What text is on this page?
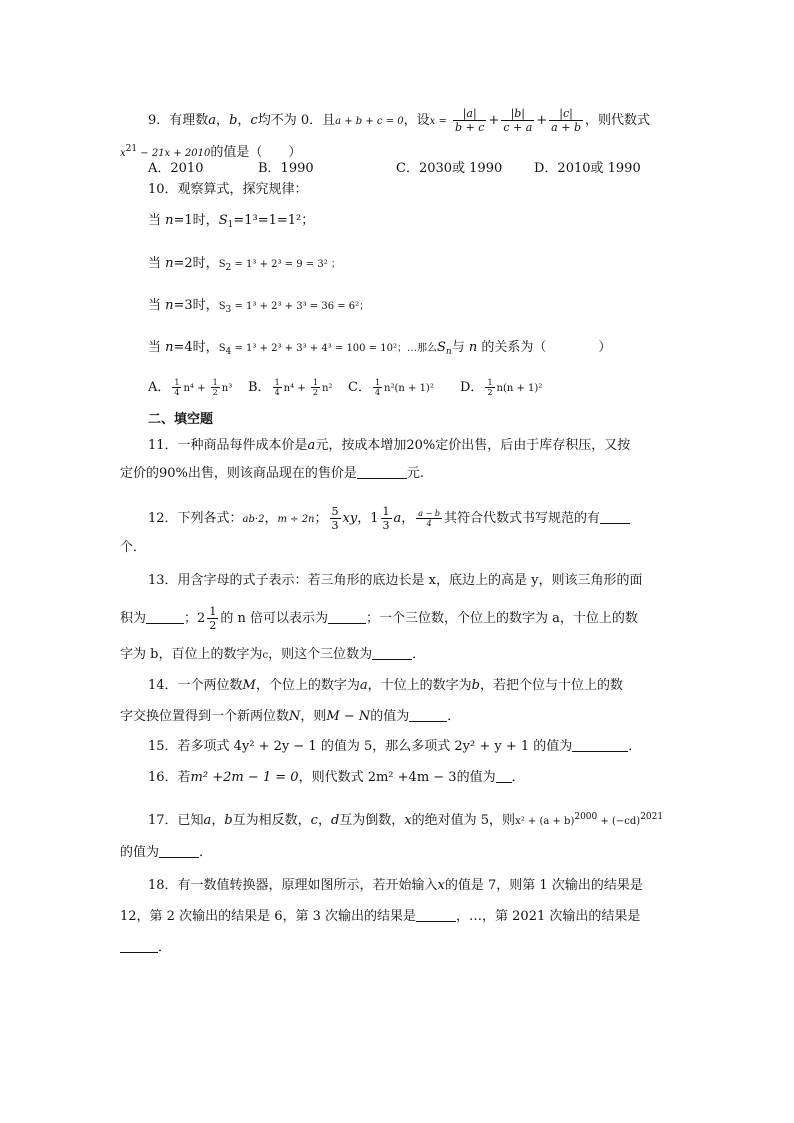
9．有理数a，b，c均不为 0．且a + b + c = 0，设$x = \frac{|a|}{b + c} + \frac{|b|}{c + a} + \frac{|c|}{a + b}$ ，则代数式
$x^{21} - 21x + 2010$的值是（　　）
A．2010	B．1990	C．2030或 1990 D．2010或 1990
10．观察算式，探究规律：
当 n=1时，$S_1=1^3=1=1^2$；
当 n=2时，$S_2 = 1^3 + 2^3 = 9 = 3^2$ ；
当 n=3时，$S_3 = 1^3 + 2^3 + 3^3 = 36 = 6^2$；
当 n=4时，$S_4 = 1^3 + 2^3 + 3^3 + 4^3 = 100 = 10^2$；…那么$S_n$与 n 的关系为（　　　　）
A． $\frac{1}{4} n^4 + \frac{1}{2} n^3$ B． $\frac{1}{4} n^4 + \frac{1}{2} n^2$ C． $\frac{1}{4} n^2(n + 1)^2$ D． $\frac{1}{2} n(n + 1)^2$
二、填空题
11．一种商品每件成本价是a元，按成本增加20%定价出售，后由于库存积压，又按
定价的90%出售，则该商品现在的售价是	元.
12．下列各式：ab·2，m ÷ 2n； $\frac{5}{3}$ xy，$1 \frac{1}{3}$ a， $\frac{a - b}{4}$ 其符合代数式书写规范的有
个．
13．用含字母的式子表示：若三角形的底边长是 x，底边上的高是 y，则该三角形的面
积为	；$2 \frac{1}{2}$ 的 n 倍可以表示为	；一个三位数，个位上的数字为 a，十位上的数
字为 b，百位上的数字为c，则这个三位数为	．
14．一个两位数M，个位上的数字为a，十位上的数字为b，若把个位与十位上的数
字交换位置得到一个新两位数N，则M − N的值为	．
15．若多项式 4y² + 2y − 1 的值为 5，那么多项式 2y² + y + 1 的值为	．
16．若m² +2m − 1 = 0，则代数式 2m² +4m − 3的值为 ．
17．已知a，b互为相反数，c，d互为倒数，x的绝对值为 5，则$x^2 + (a + b)^{2000} + (-cd)^{2021}$
的值为	．
18．有一数值转换器，原理如图所示，若开始输入x的值是 7，则第 1 次输出的结果是
12，第 2 次输出的结果是 6，第 3 次输出的结果是	，…，第 2021 次输出的结果是
．
